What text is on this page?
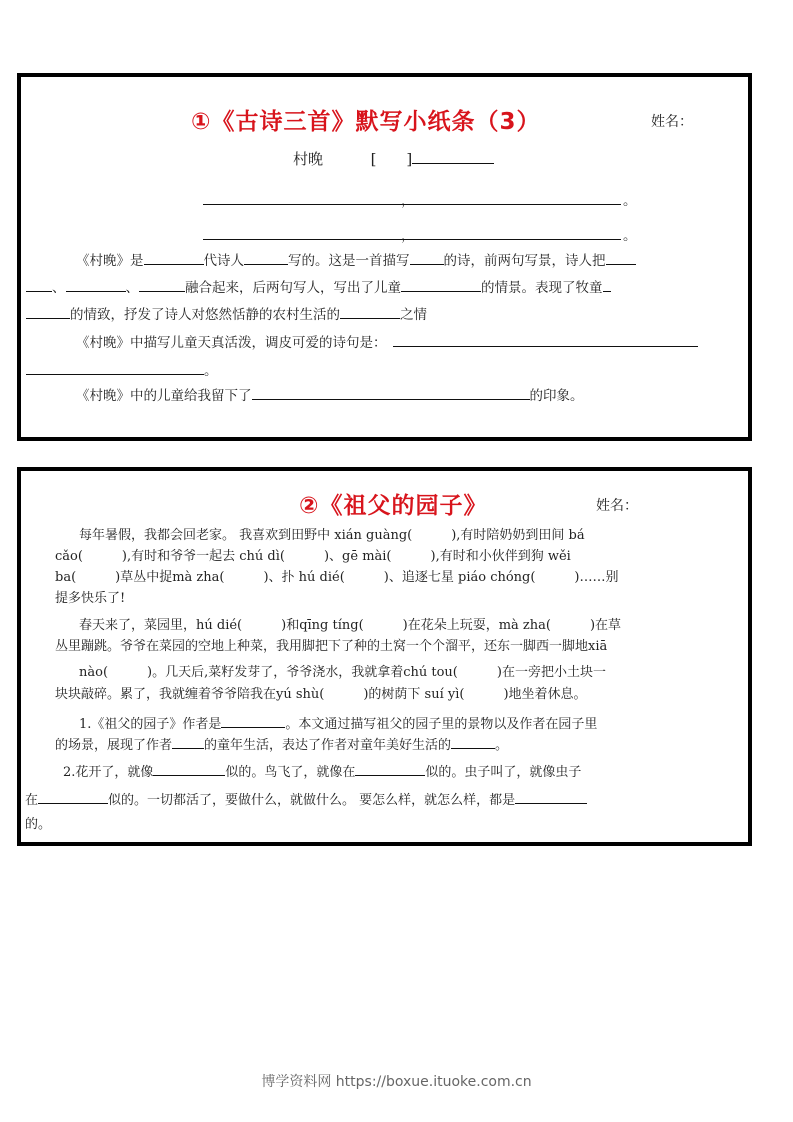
①《古诗三首》默写小纸条（3）	姓名：
村晚	[　　]
，	。
，	。
《村晚》是	代诗人	写的。这是一首描写	的诗，前两句写景，诗人把
、	、	融合起来，后两句写人，写出了儿童	的情景。表现了牧童
的情致，抒发了诗人对悠然恬静的农村生活的	之情
《村晚》中描写儿童天真活泼，调皮可爱的诗句是：
。
《村晚》中的儿童给我留下了	的印象。
②《祖父的园子》	姓名：
每年暑假，我都会回老家。 我喜欢到田野中 xián guàng(　　　),有时陪奶奶到田间 bá
cǎo(　　　),有时和爷爷一起去 chú dì(　　　)、gē mài(　　　),有时和小伙伴到狗 wěi
ba(　　　)草丛中捉mà zha(　　　)、扑 hú dié(　　　)、追逐七星 piáo chóng(　　　)……别
提多快乐了!
春天来了，菜园里，hú dié(　　　)和qīng tíng(　　　)在花朵上玩耍，mà zha(　　　)在草
丛里蹦跳。爷爷在菜园的空地上种菜，我用脚把下了种的土窝一个个溜平，还东一脚西一脚地xiā
nào(　　　)。几天后,菜籽发芽了，爷爷浇水，我就拿着chú tou(　　　)在一旁把小土块一
块块敲碎。累了，我就缠着爷爷陪我在yú shù(　　　)的树荫下 suí yì(　　　)地坐着休息。
1.《祖父的园子》作者是	。本文通过描写祖父的园子里的景物以及作者在园子里
的场景，展现了作者 的童年生活，表达了作者对童年美好生活的	。
2.花开了，就像	似的。鸟飞了，就像在	似的。虫子叫了，就像虫子
在	似的。一切都活了，要做什么，就做什么。 要怎么样，就怎么样，都是
的。
博学资料网 https://boxue.ituoke.com.cn
